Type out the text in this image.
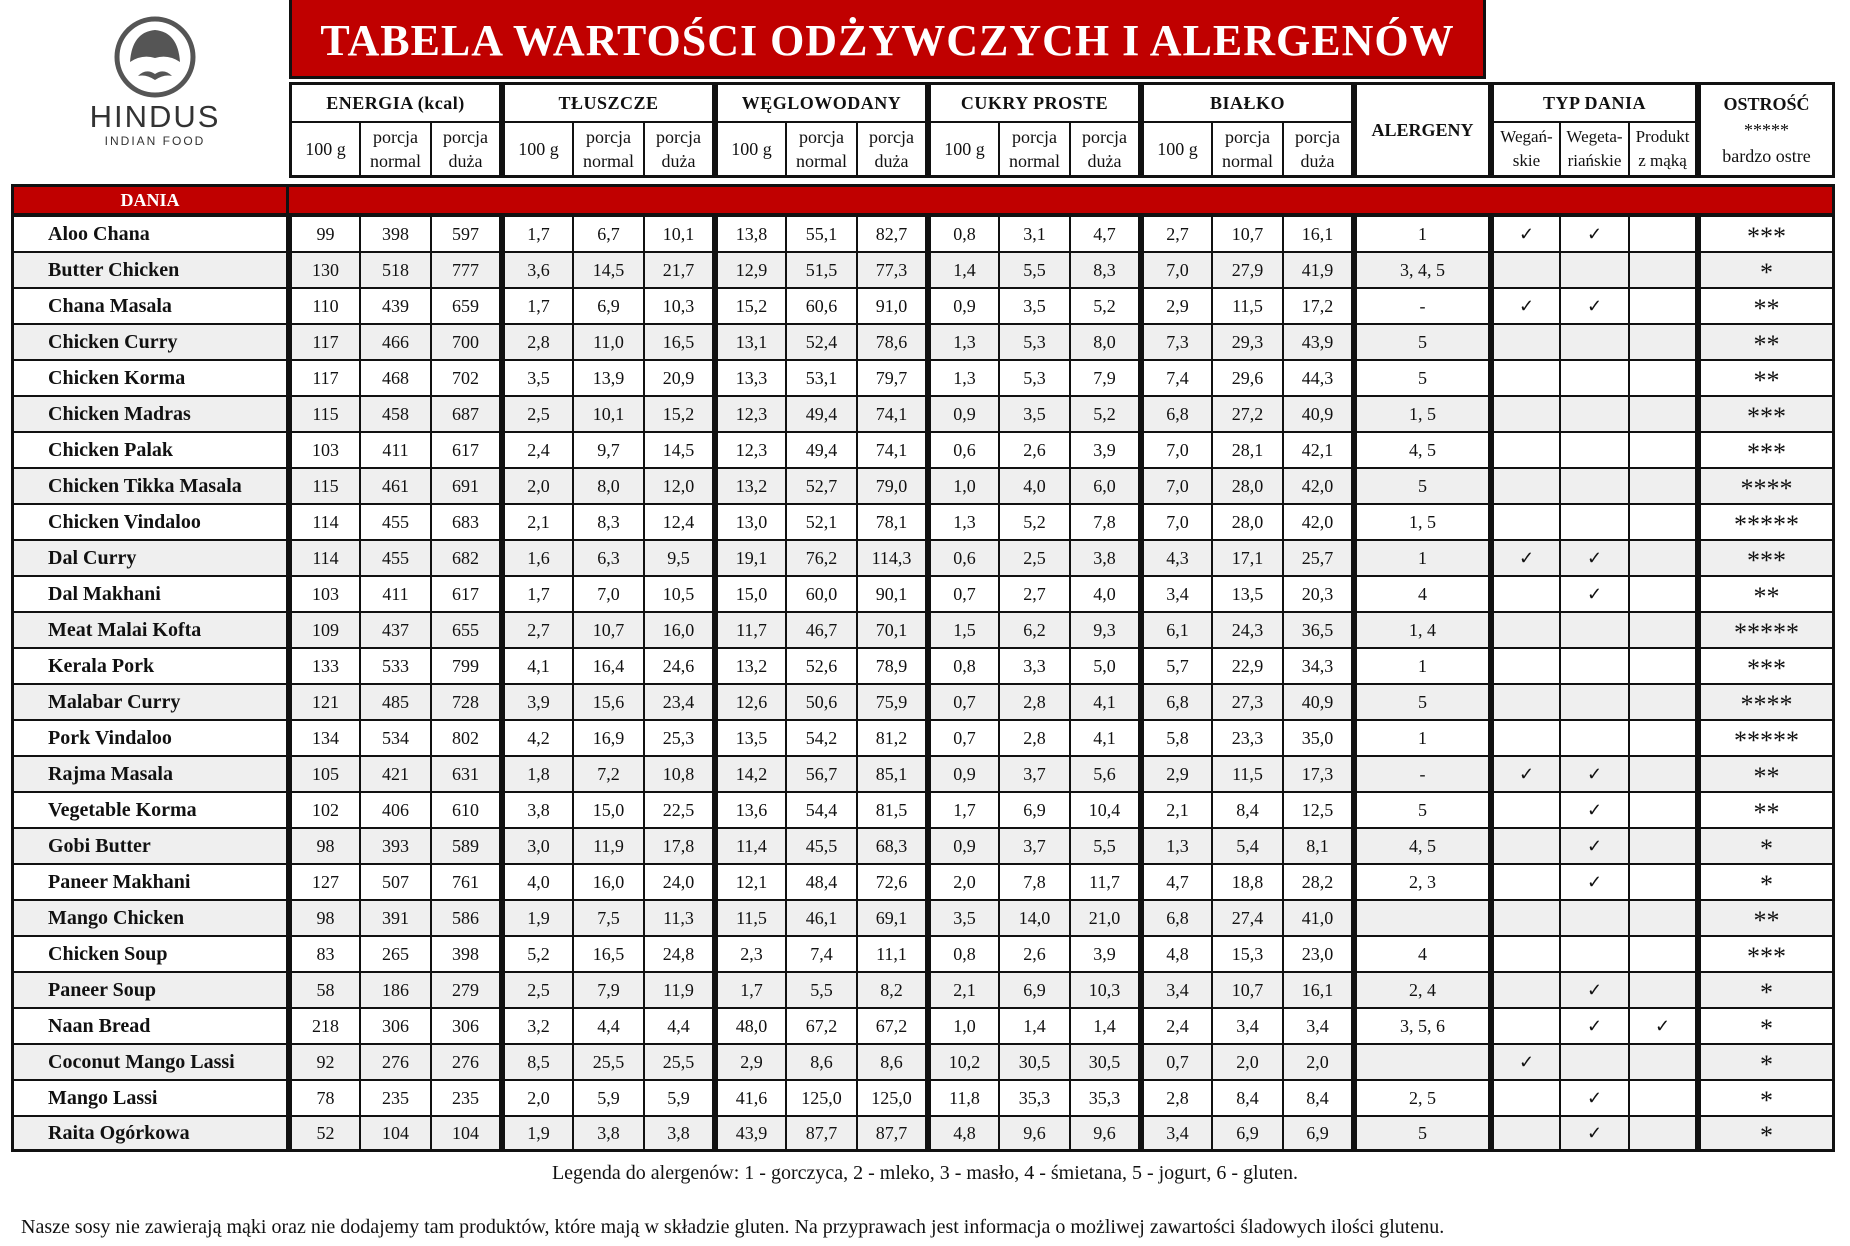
HINDUS
INDIAN FOOD
TABELA WARTOŚCI ODŻYWCZYCH I ALERGENÓW
	ENERGIA (kcal)			TŁUSZCZE			WĘGLOWODANY			CUKRY PROSTE			BIAŁKO			ALERGENY	TYP DANIA			OSTROŚĆ
*****
bardzo ostre

	100 g	porcja normal	porcja duża	100 g	porcja normal	porcja duża	100 g	porcja normal	porcja duża	100 g	porcja normal	porcja duża	100 g	porcja normal	porcja duża		Wegań-skie	Wegeta-riańskie	Produkt z mąką	

DANIA																				
Aloo Chana	99	398	597	1,7	6,7	10,1	13,8	55,1	82,7	0,8	3,1	4,7	2,7	10,7	16,1	1	✓	✓		***
Butter Chicken	130	518	777	3,6	14,5	21,7	12,9	51,5	77,3	1,4	5,5	8,3	7,0	27,9	41,9	3, 4, 5				*
Chana Masala	110	439	659	1,7	6,9	10,3	15,2	60,6	91,0	0,9	3,5	5,2	2,9	11,5	17,2	-	✓	✓		**
Chicken Curry	117	466	700	2,8	11,0	16,5	13,1	52,4	78,6	1,3	5,3	8,0	7,3	29,3	43,9	5				**
Chicken Korma	117	468	702	3,5	13,9	20,9	13,3	53,1	79,7	1,3	5,3	7,9	7,4	29,6	44,3	5				**
Chicken Madras	115	458	687	2,5	10,1	15,2	12,3	49,4	74,1	0,9	3,5	5,2	6,8	27,2	40,9	1, 5				***
Chicken Palak	103	411	617	2,4	9,7	14,5	12,3	49,4	74,1	0,6	2,6	3,9	7,0	28,1	42,1	4, 5				***
Chicken Tikka Masala	115	461	691	2,0	8,0	12,0	13,2	52,7	79,0	1,0	4,0	6,0	7,0	28,0	42,0	5				****
Chicken Vindaloo	114	455	683	2,1	8,3	12,4	13,0	52,1	78,1	1,3	5,2	7,8	7,0	28,0	42,0	1, 5				*****
Dal Curry	114	455	682	1,6	6,3	9,5	19,1	76,2	114,3	0,6	2,5	3,8	4,3	17,1	25,7	1	✓	✓		***
Dal Makhani	103	411	617	1,7	7,0	10,5	15,0	60,0	90,1	0,7	2,7	4,0	3,4	13,5	20,3	4		✓		**
Meat Malai Kofta	109	437	655	2,7	10,7	16,0	11,7	46,7	70,1	1,5	6,2	9,3	6,1	24,3	36,5	1, 4				*****
Kerala Pork	133	533	799	4,1	16,4	24,6	13,2	52,6	78,9	0,8	3,3	5,0	5,7	22,9	34,3	1				***
Malabar Curry	121	485	728	3,9	15,6	23,4	12,6	50,6	75,9	0,7	2,8	4,1	6,8	27,3	40,9	5				****
Pork Vindaloo	134	534	802	4,2	16,9	25,3	13,5	54,2	81,2	0,7	2,8	4,1	5,8	23,3	35,0	1				*****
Rajma Masala	105	421	631	1,8	7,2	10,8	14,2	56,7	85,1	0,9	3,7	5,6	2,9	11,5	17,3	-	✓	✓		**
Vegetable Korma	102	406	610	3,8	15,0	22,5	13,6	54,4	81,5	1,7	6,9	10,4	2,1	8,4	12,5	5		✓		**
Gobi Butter	98	393	589	3,0	11,9	17,8	11,4	45,5	68,3	0,9	3,7	5,5	1,3	5,4	8,1	4, 5		✓		*
Paneer Makhani	127	507	761	4,0	16,0	24,0	12,1	48,4	72,6	2,0	7,8	11,7	4,7	18,8	28,2	2, 3		✓		*
Mango Chicken	98	391	586	1,9	7,5	11,3	11,5	46,1	69,1	3,5	14,0	21,0	6,8	27,4	41,0					**
Chicken Soup	83	265	398	5,2	16,5	24,8	2,3	7,4	11,1	0,8	2,6	3,9	4,8	15,3	23,0	4				***
Paneer Soup	58	186	279	2,5	7,9	11,9	1,7	5,5	8,2	2,1	6,9	10,3	3,4	10,7	16,1	2, 4		✓		*
Naan Bread	218	306	306	3,2	4,4	4,4	48,0	67,2	67,2	1,0	1,4	1,4	2,4	3,4	3,4	3, 5, 6		✓	✓	*
Coconut Mango Lassi	92	276	276	8,5	25,5	25,5	2,9	8,6	8,6	10,2	30,5	30,5	0,7	2,0	2,0		✓			*
Mango Lassi	78	235	235	2,0	5,9	5,9	41,6	125,0	125,0	11,8	35,3	35,3	2,8	8,4	8,4	2, 5		✓		*
Raita Ogórkowa	52	104	104	1,9	3,8	3,8	43,9	87,7	87,7	4,8	9,6	9,6	3,4	6,9	6,9	5		✓		*
Legenda do alergenów: 1 - gorczyca, 2 - mleko, 3 - masło, 4 - śmietana, 5 - jogurt, 6 - gluten.
Nasze sosy nie zawierają mąki oraz nie dodajemy tam produktów, które mają w składzie gluten. Na przyprawach jest informacja o możliwej zawartości śladowych ilości glutenu.
